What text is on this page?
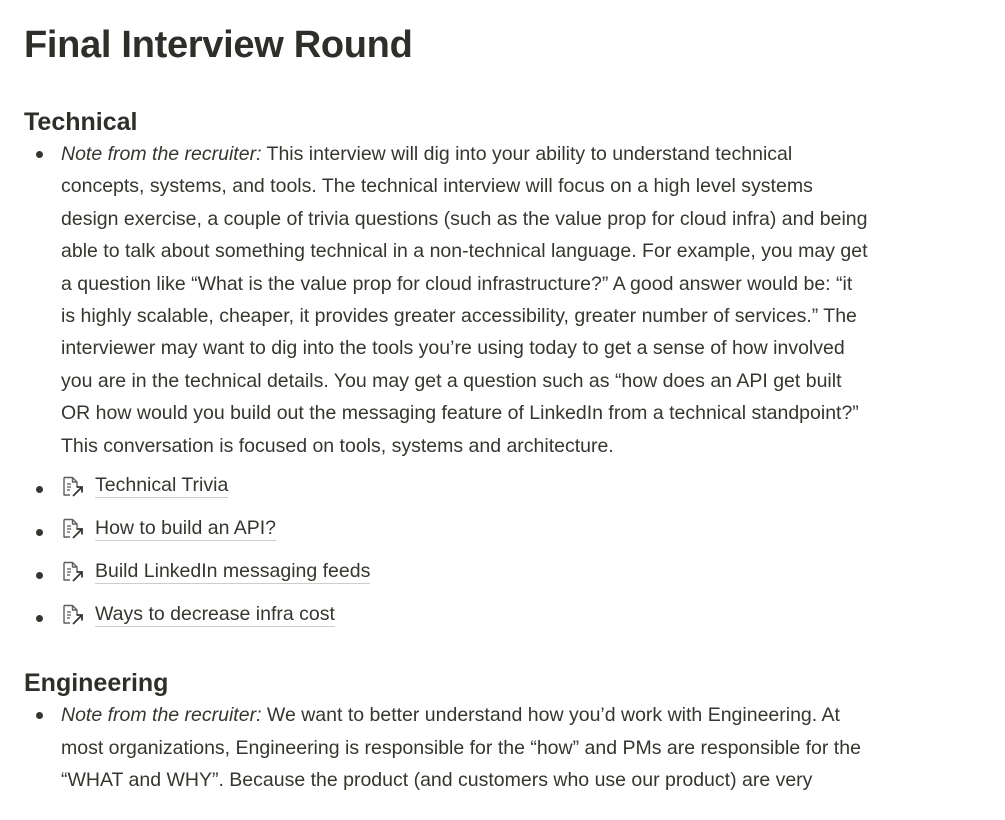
Final Interview Round
Technical
Note from the recruiter: This interview will dig into your ability to understand technical
concepts, systems, and tools. The technical interview will focus on a high level systems
design exercise, a couple of trivia questions (such as the value prop for cloud infra) and being
able to talk about something technical in a non-technical language. For example, you may get
a question like “What is the value prop for cloud infrastructure?” A good answer would be: “it
is highly scalable, cheaper, it provides greater accessibility, greater number of services.” The
interviewer may want to dig into the tools you’re using today to get a sense of how involved
you are in the technical details. You may get a question such as “how does an API get built
OR how would you build out the messaging feature of LinkedIn from a technical standpoint?”
This conversation is focused on tools, systems and architecture.
Technical Trivia
How to build an API?
Build LinkedIn messaging feeds
Ways to decrease infra cost
Engineering
Note from the recruiter: We want to better understand how you’d work with Engineering. At
most organizations, Engineering is responsible for the “how” and PMs are responsible for the
“WHAT and WHY”. Because the product (and customers who use our product) are very
